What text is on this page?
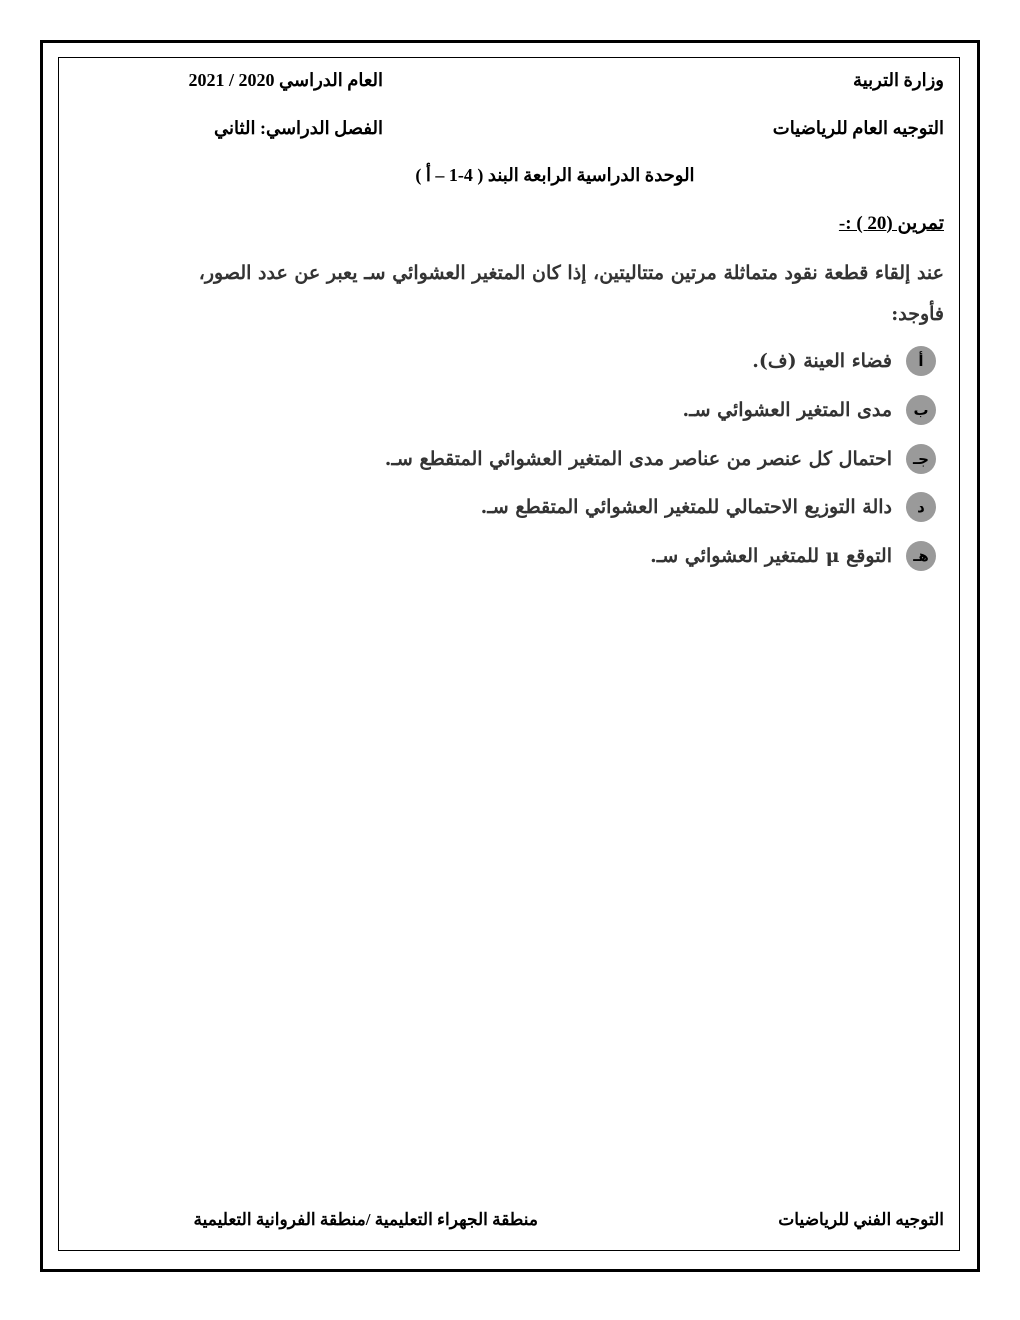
وزارة التربية
العام الدراسي 2020 / 2021
التوجيه العام للرياضيات
الفصل الدراسي: الثاني
الوحدة الدراسية الرابعة البند ( 4-1 – أ )
تمرين (20 ) :-
عند إلقاء قطعة نقود متماثلة مرتين متتاليتين، إذا كان المتغير العشوائي سـ يعبر عن عدد الصور،
فأوجد:
أ
فضاء العينة (ف).
ب
مدى المتغير العشوائي سـ.
جـ
احتمال كل عنصر من عناصر مدى المتغير العشوائي المتقطع سـ.
د
دالة التوزيع الاحتمالي للمتغير العشوائي المتقطع سـ.
هـ
التوقع μ للمتغير العشوائي سـ.
التوجيه الفني للرياضيات
منطقة الجهراء التعليمية /منطقة الفروانية التعليمية
